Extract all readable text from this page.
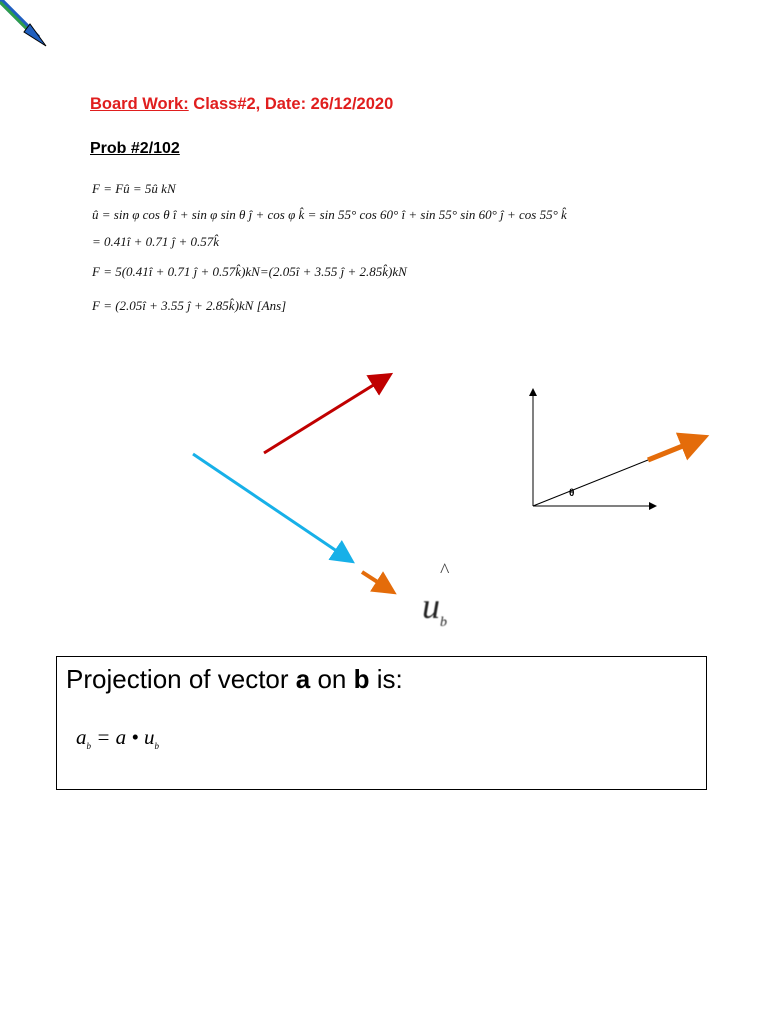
Board Work: Class#2, Date: 26/12/2020
Prob #2/102
F = Fû = 5û kN
û = sin φ cos θ î + sin φ sin θ ĵ + cos φ k̂ = sin 55° cos 60° î + sin 55° sin 60° ĵ + cos 55° k̂
= 0.41î + 0.71 ĵ + 0.57k̂
F = 5(0.41î + 0.71 ĵ + 0.57k̂)kN=(2.05î + 3.55 ĵ + 2.85k̂)kN
F = (2.05î + 3.55 ĵ + 2.85k̂)kN [Ans]
θ
^
$u_b$
Projection of vector a on b is:
$a_b = a$ • $u_b$
